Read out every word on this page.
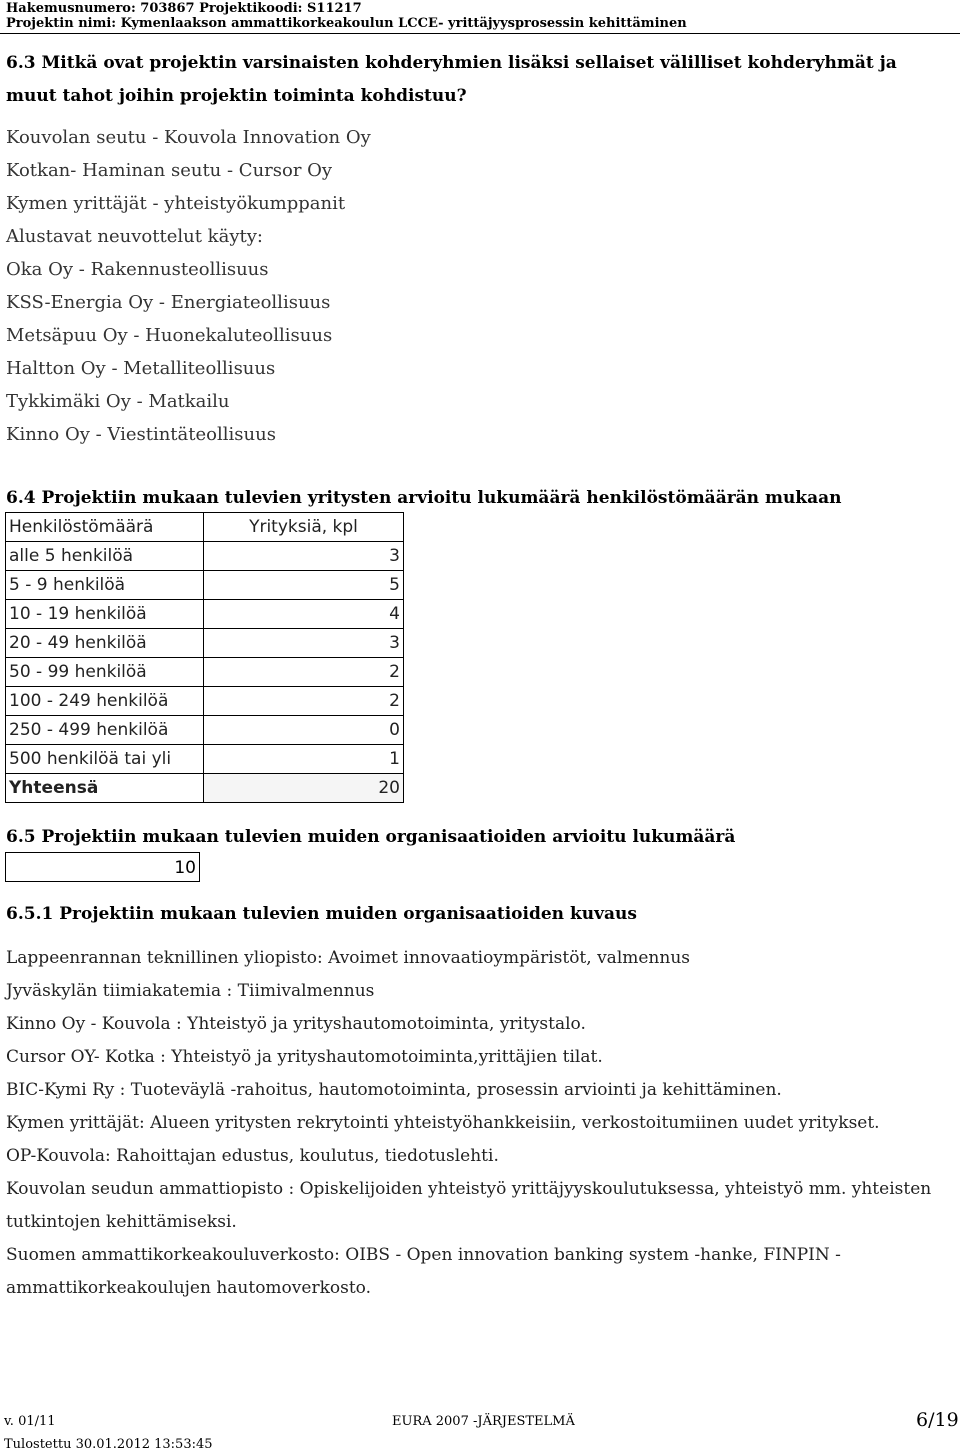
Hakemusnumero: 703867 Projektikoodi: S11217
Projektin nimi: Kymenlaakson ammattikorkeakoulun LCCE- yrittäjyysprosessin kehittäminen
6.3 Mitkä ovat projektin varsinaisten kohderyhmien lisäksi sellaiset välilliset kohderyhmät ja muut tahot joihin projektin toiminta kohdistuu?
Kouvolan seutu - Kouvola Innovation Oy
Kotkan- Haminan seutu - Cursor Oy
Kymen yrittäjät - yhteistyökumppanit
Alustavat neuvottelut käyty:
Oka Oy - Rakennusteollisuus
KSS-Energia Oy - Energiateollisuus
Metsäpuu Oy - Huonekaluteollisuus
Haltton Oy - Metalliteollisuus
Tykkimäki Oy - Matkailu
Kinno Oy - Viestintäteollisuus
6.4 Projektiin mukaan tulevien yritysten arvioitu lukumäärä henkilöstömäärän mukaan
Henkilöstömäärä	Yrityksiä, kpl
alle 5 henkilöä	3
5 - 9 henkilöä	5
10 - 19 henkilöä	4
20 - 49 henkilöä	3
50 - 99 henkilöä	2
100 - 249 henkilöä	2
250 - 499 henkilöä	0
500 henkilöä tai yli	1
Yhteensä	20
6.5 Projektiin mukaan tulevien muiden organisaatioiden arvioitu lukumäärä
10
6.5.1 Projektiin mukaan tulevien muiden organisaatioiden kuvaus
Lappeenrannan teknillinen yliopisto: Avoimet innovaatioympäristöt, valmennus
Jyväskylän tiimiakatemia : Tiimivalmennus
Kinno Oy - Kouvola : Yhteistyö ja yrityshautomotoiminta, yritystalo.
Cursor OY- Kotka : Yhteistyö ja yrityshautomotoiminta,yrittäjien tilat.
BIC-Kymi Ry : Tuoteväylä -rahoitus, hautomotoiminta, prosessin arviointi ja kehittäminen.
Kymen yrittäjät: Alueen yritysten rekrytointi yhteistyöhankkeisiin, verkostoitumiinen uudet yritykset.
OP-Kouvola: Rahoittajan edustus, koulutus, tiedotuslehti.
Kouvolan seudun ammattiopisto : Opiskelijoiden yhteistyö yrittäjyyskoulutuksessa, yhteistyö mm. yhteisten tutkintojen kehittämiseksi.
Suomen ammattikorkeakouluverkosto: OIBS - Open innovation banking system -hanke, FINPIN - ammattikorkeakoulujen hautomoverkosto.
v. 01/11	EURA 2007 -JÄRJESTELMÄ	6/19
Tulostettu 30.01.2012 13:53:45
